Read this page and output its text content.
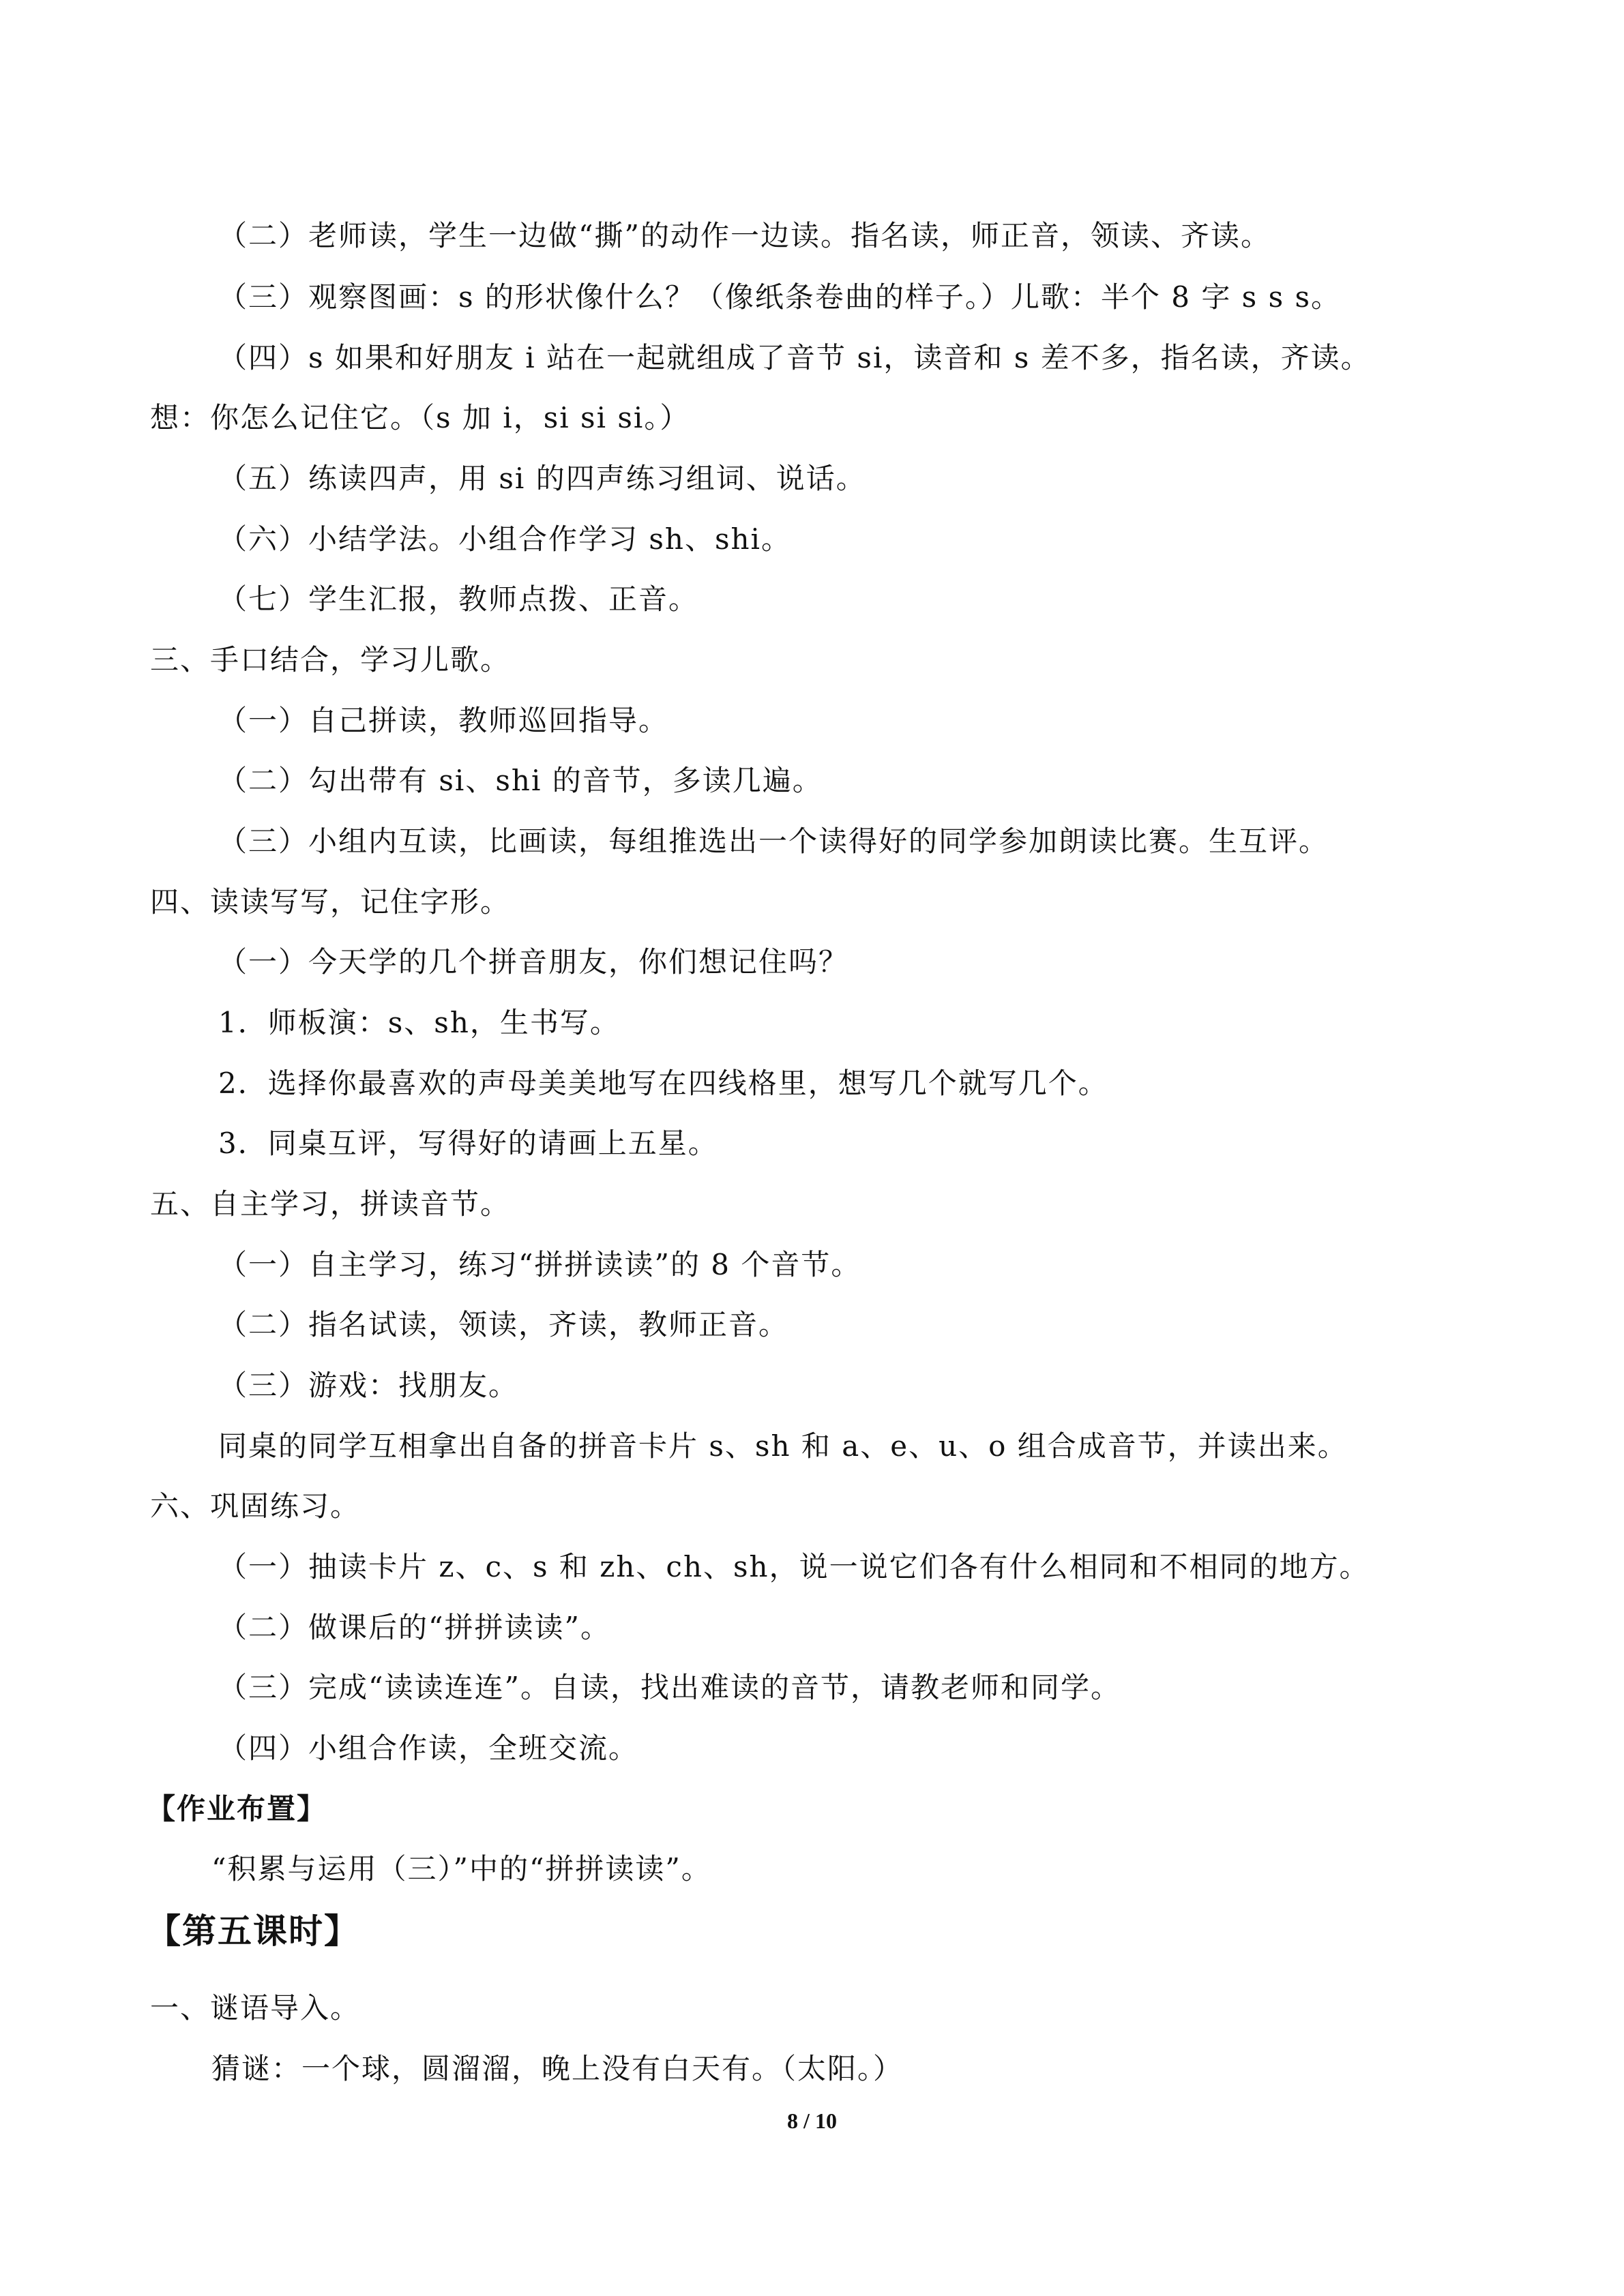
（二）老师读，学生一边做“撕”的动作一边读。指名读，师正音，领读、齐读。
（三）观察图画：s 的形状像什么？（像纸条卷曲的样子。）儿歌：半个 8 字 s s s。
（四）s 如果和好朋友 i 站在一起就组成了音节 si，读音和 s 差不多，指名读，齐读。
想：你怎么记住它。（s 加 i，si si si。）
（五）练读四声，用 si 的四声练习组词、说话。
（六）小结学法。小组合作学习 sh、shi。
（七）学生汇报，教师点拨、正音。
三、手口结合，学习儿歌。
（一）自己拼读，教师巡回指导。
（二）勾出带有 si、shi 的音节，多读几遍。
（三）小组内互读，比画读，每组推选出一个读得好的同学参加朗读比赛。生互评。
四、读读写写，记住字形。
（一）今天学的几个拼音朋友，你们想记住吗？
1．师板演：s、sh，生书写。
2．选择你最喜欢的声母美美地写在四线格里，想写几个就写几个。
3．同桌互评，写得好的请画上五星。
五、自主学习，拼读音节。
（一）自主学习，练习“拼拼读读”的 8 个音节。
（二）指名试读，领读，齐读，教师正音。
（三）游戏：找朋友。
同桌的同学互相拿出自备的拼音卡片 s、sh 和 a、e、u、o 组合成音节，并读出来。
六、巩固练习。
（一）抽读卡片 z、c、s 和 zh、ch、sh，说一说它们各有什么相同和不相同的地方。
（二）做课后的“拼拼读读”。
（三）完成“读读连连”。自读，找出难读的音节，请教老师和同学。
（四）小组合作读，全班交流。
【作业布置】
“积累与运用（三）”中的“拼拼读读”。
【第五课时】
一、谜语导入。
猜谜：一个球，圆溜溜，晚上没有白天有。（太阳。）
8 / 10
